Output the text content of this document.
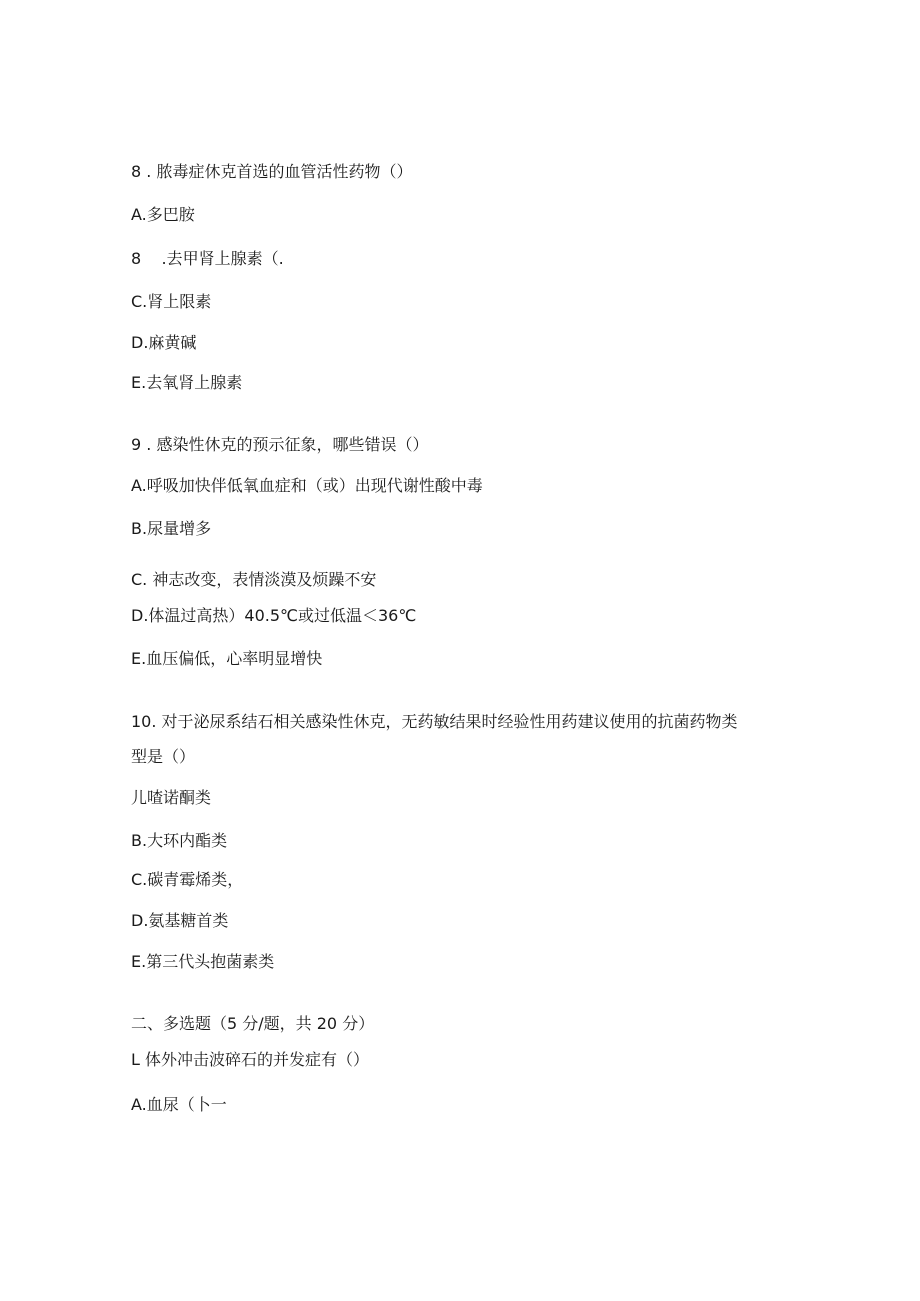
8 . 脓毒症休克首选的血管活性药物（）
A.多巴胺
8    .去甲肾上腺素（.
C.肾上限素
D.麻黄碱
E.去氧肾上腺素
9 . 感染性休克的预示征象，哪些错误（）
A.呼吸加快伴低氧血症和（或）出现代谢性酸中毒
B.尿量增多
C. 神志改变，表情淡漠及烦躁不安
D.体温过高热）40.5℃或过低温＜36℃
E.血压偏低，心率明显增快
10. 对于泌尿系结石相关感染性休克，无药敏结果时经验性用药建议使用的抗菌药物类
型是（）
儿喳诺酮类
B.大环内酯类
C.碳青霉烯类，
D.氨基糖首类
E.第三代头抱菌素类
二、多选题（5 分/题，共 20 分）
L 体外冲击波碎石的并发症有（）
A.血尿（卜一
